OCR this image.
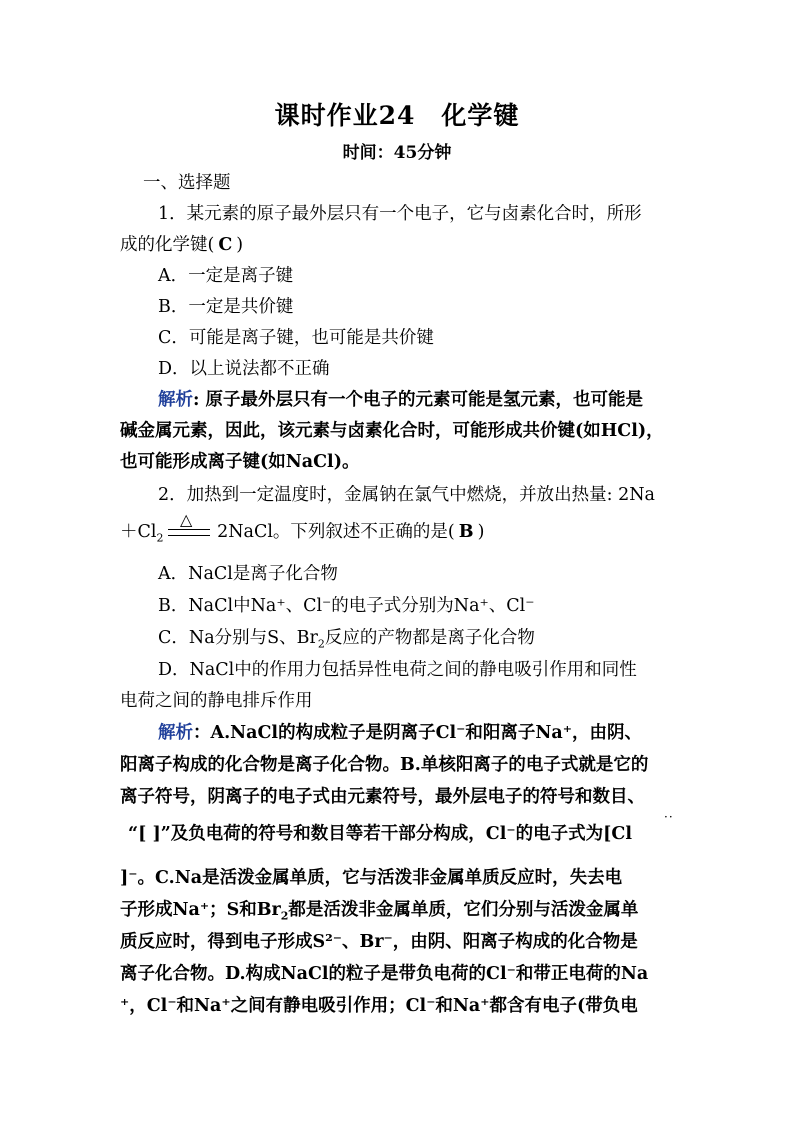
课时作业24　化学键
时间：45分钟
一、选择题
1．某元素的原子最外层只有一个电子，它与卤素化合时，所形
成的化学键( C )
A．一定是离子键
B．一定是共价键
C．可能是离子键，也可能是共价键
D．以上说法都不正确
解析: 原子最外层只有一个电子的元素可能是氢元素，也可能是
碱金属元素，因此，该元素与卤素化合时，可能形成共价键(如HCl)，
也可能形成离子键(如NaCl)。
2．加热到一定温度时，金属钠在氯气中燃烧，并放出热量: 2Na
△
$+Cl_2$	2NaCl。下列叙述不正确的是( B )
A．NaCl是离子化合物
B．NaCl中Na⁺、Cl⁻的电子式分别为Na⁺、Cl⁻
C．Na分别与S、$Br_2$反应的产物都是离子化合物
D．NaCl中的作用力包括异性电荷之间的静电吸引作用和同性
电荷之间的静电排斥作用
解析：A.NaCl的构成粒子是阴离子Cl⁻和阳离子Na⁺，由阴、
阳离子构成的化合物是离子化合物。B.单核阳离子的电子式就是它的
离子符号，阴离子的电子式由元素符号，最外层电子的符号和数目、
··
“[ ]”及负电荷的符号和数目等若干部分构成，Cl⁻的电子式为[Cl
]⁻。C.Na是活泼金属单质，它与活泼非金属单质反应时，失去电
子形成Na⁺；S和$Br_2$都是活泼非金属单质，它们分别与活泼金属单
质反应时，得到电子形成S²⁻、Br⁻，由阴、阳离子构成的化合物是
离子化合物。D.构成NaCl的粒子是带负电荷的Cl⁻和带正电荷的Na
⁺，Cl⁻和Na⁺之间有静电吸引作用；Cl⁻和Na⁺都含有电子(带负电
